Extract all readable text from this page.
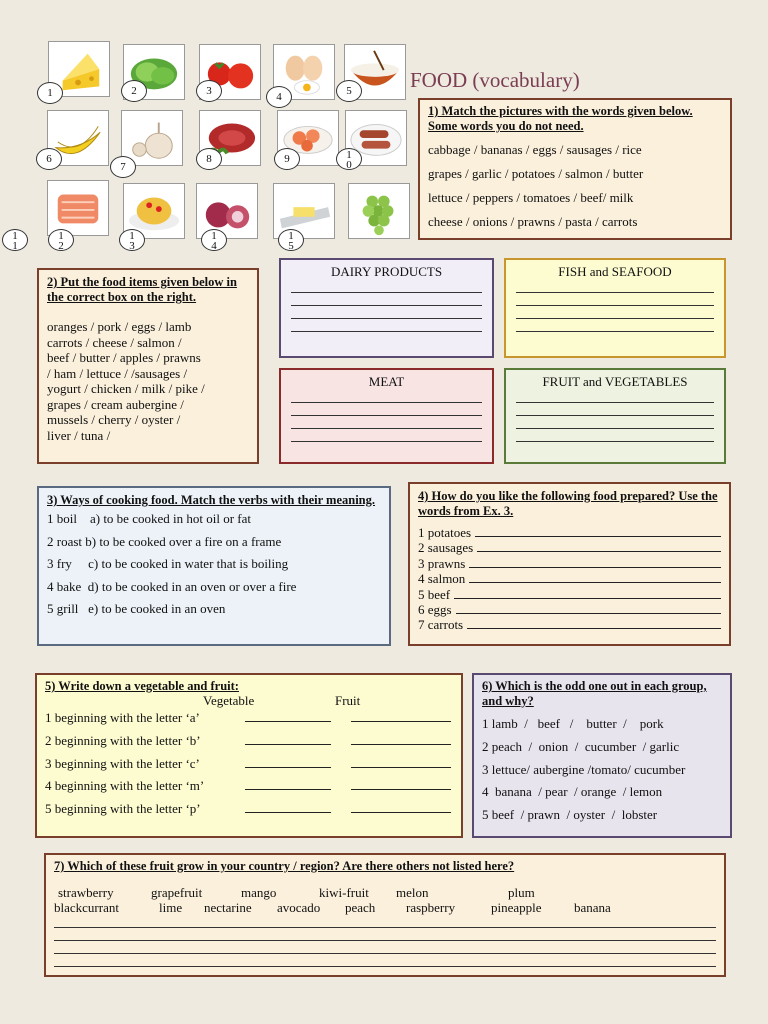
1	2	3	4	5
6
7
8	9	1
0
1
1
1
2
1
3
1
4
1
5
FOOD (vocabulary)
1) Match the pictures with the words given below. Some words you do not need.
cabbage / bananas / eggs / sausages / rice
grapes / garlic / potatoes / salmon / butter
lettuce / peppers / tomatoes / beef/ milk
cheese / onions / prawns / pasta / carrots
2) Put the food items given below in the correct box on the right.
oranges / pork / eggs / lamb
carrots / cheese / salmon /
beef / butter / apples / prawns
/ ham / lettuce / /sausages /
yogurt / chicken / milk / pike /
grapes / cream aubergine /
mussels / cherry / oyster /
liver / tuna /
DAIRY PRODUCTS	FISH and SEAFOOD
MEAT	FRUIT and VEGETABLES
3) Ways of cooking food. Match the verbs with their meaning.
1 boil    a) to be cooked in hot oil or fat
2 roast b) to be cooked over a fire on a frame
3 fry     c) to be cooked in water that is boiling
4 bake  d) to be cooked in an oven or over a fire
5 grill   e) to be cooked in an oven
4) How do you like the following food prepared? Use the words from Ex. 3.
1 potatoes
2 sausages
3 prawns
4 salmon
5 beef
6 eggs
7 carrots
5) Write down a vegetable and fruit:
Vegetable	Fruit
1 beginning with the letter ‘a’
2 beginning with the letter ‘b’
3 beginning with the letter ‘c’
4 beginning with the letter ‘m’
5 beginning with the letter ‘p’
6) Which is the odd one out in each group, and why?
1 lamb  /   beef   /    butter  /    pork
2 peach  /  onion  /  cucumber  / garlic
3 lettuce/ aubergine /tomato/ cucumber
4  banana  / pear  / orange  / lemon
5 beef  / prawn  / oyster  /  lobster
7) Which of these fruit grow in your country / region? Are there others not listed here?
strawberry	grapefruit	mango	kiwi-fruit melon	plum
blackcurrant	lime nectarine avocado peach raspberry	pineapple banana
